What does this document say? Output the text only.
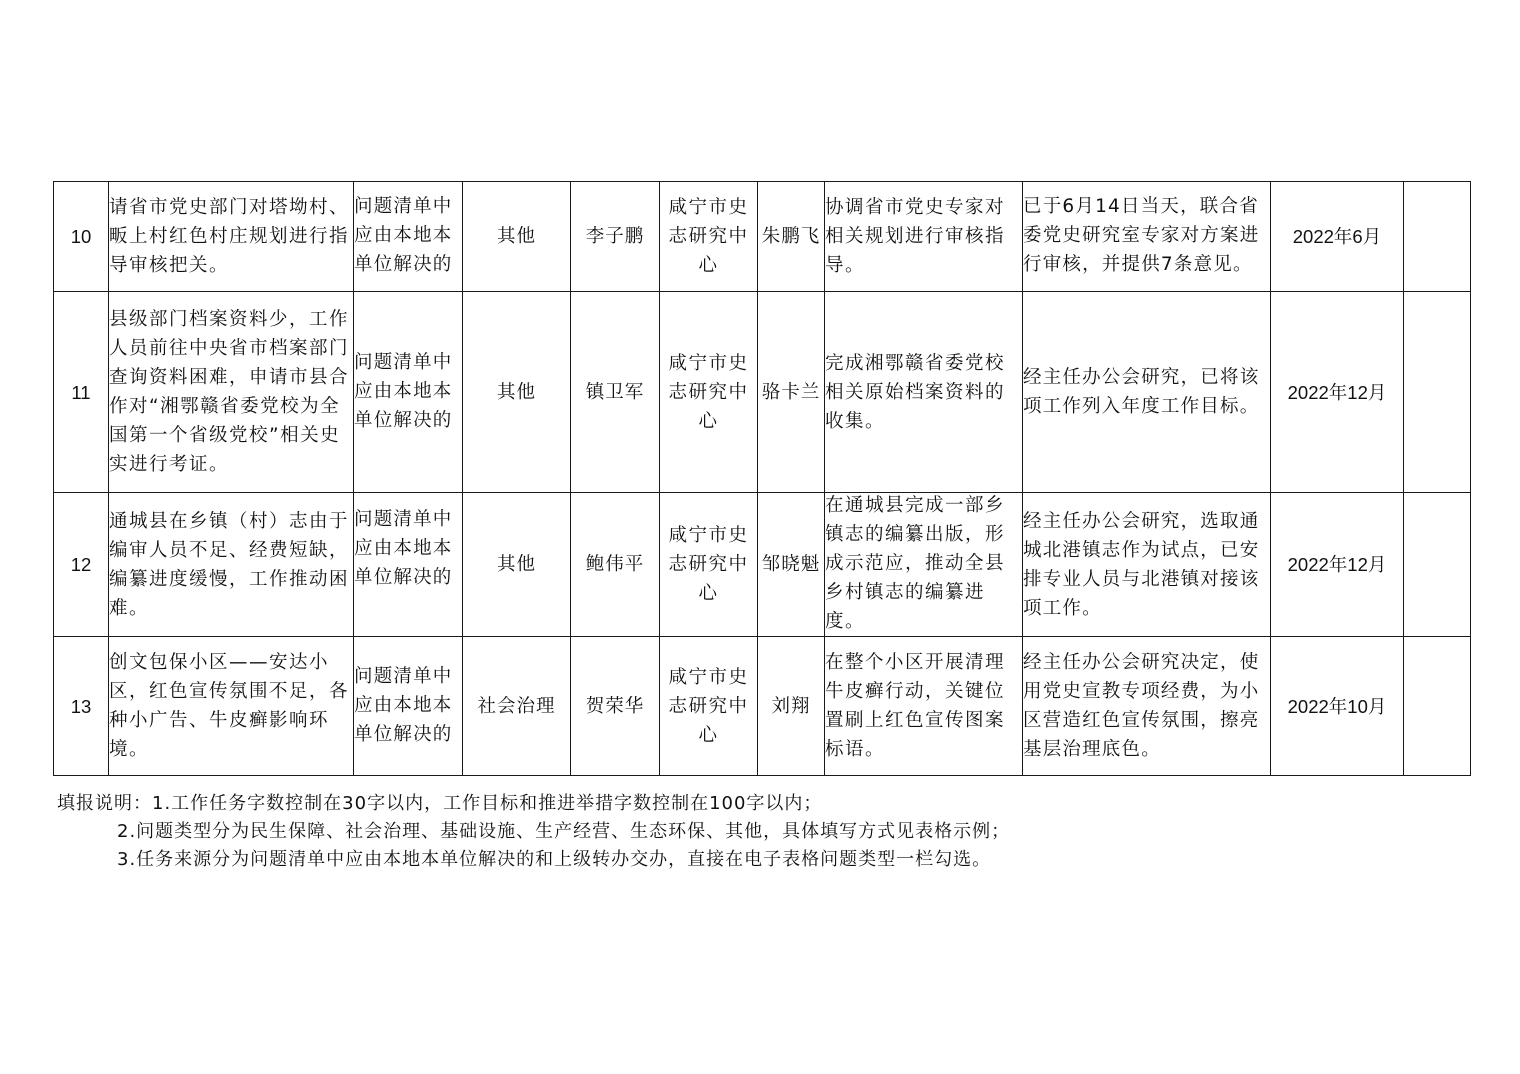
10	请省市党史部门对塔坳村、畈上村红色村庄规划进行指导审核把关。	问题清单中应由本地本单位解决的	其他	李子鹏	咸宁市史志研究中心	朱鹏飞	协调省市党史专家对相关规划进行审核指导。	已于6月14日当天，联合省委党史研究室专家对方案进行审核，并提供7条意见。	2022年6月	
11	县级部门档案资料少，工作人员前往中央省市档案部门查询资料困难，申请市县合作对“湘鄂赣省委党校为全国第一个省级党校”相关史实进行考证。	问题清单中应由本地本单位解决的	其他	镇卫军	咸宁市史志研究中心	骆卡兰	完成湘鄂赣省委党校相关原始档案资料的收集。	经主任办公会研究，已将该项工作列入年度工作目标。	2022年12月	
12	通城县在乡镇（村）志由于编审人员不足、经费短缺，编纂进度缓慢，工作推动困难。	问题清单中应由本地本单位解决的	其他	鲍伟平	咸宁市史志研究中心	邹晓魁	在通城县完成一部乡镇志的编纂出版，形成示范应，推动全县乡村镇志的编纂进度。	经主任办公会研究，选取通城北港镇志作为试点，已安排专业人员与北港镇对接该项工作。	2022年12月	
13	创文包保小区——安达小区，红色宣传氛围不足，各种小广告、牛皮癣影响环境。	问题清单中应由本地本单位解决的	社会治理	贺荣华	咸宁市史志研究中心	刘翔	在整个小区开展清理牛皮癣行动，关键位置刷上红色宣传图案标语。	经主任办公会研究决定，使用党史宣教专项经费，为小区营造红色宣传氛围，擦亮基层治理底色。	2022年10月	
填报说明：1.工作任务字数控制在30字以内，工作目标和推进举措字数控制在100字以内；
2.问题类型分为民生保障、社会治理、基础设施、生产经营、生态环保、其他，具体填写方式见表格示例；
3.任务来源分为问题清单中应由本地本单位解决的和上级转办交办，直接在电子表格问题类型一栏勾选。
